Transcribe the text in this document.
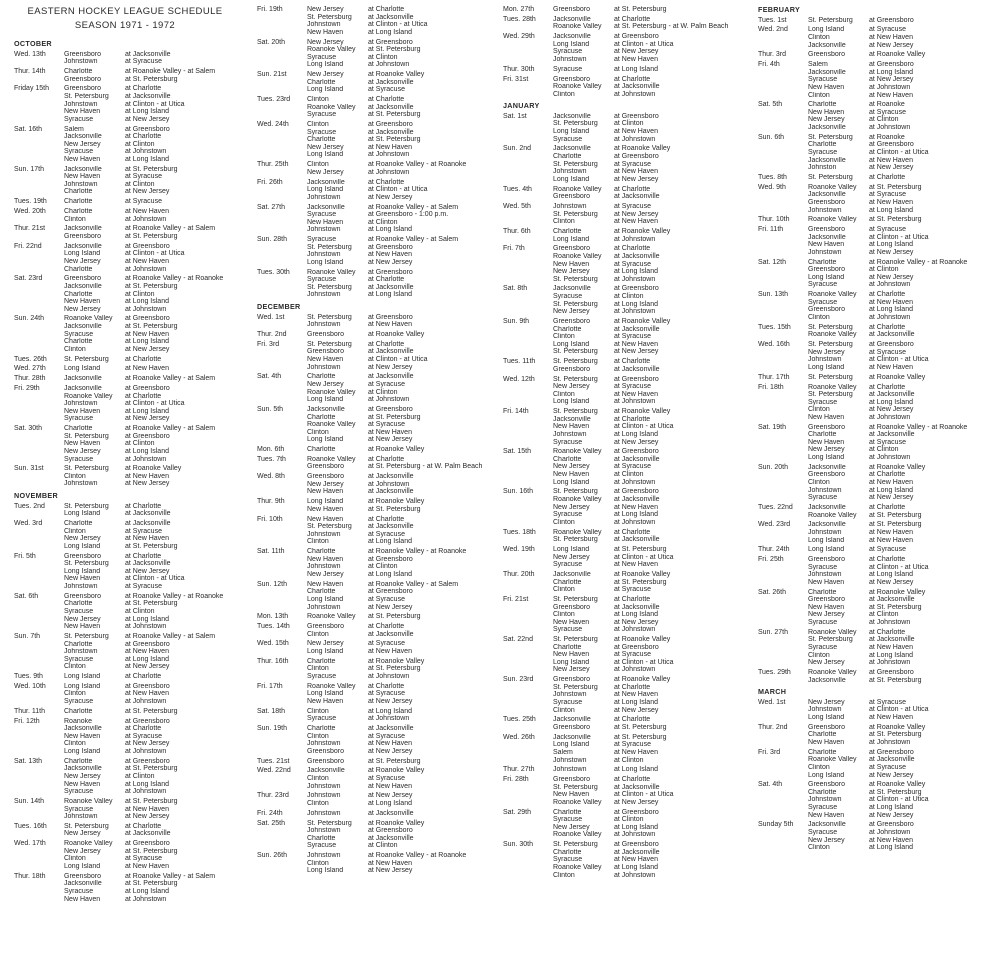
EASTERN HOCKEY LEAGUE SCHEDULE
SEASON 1971 - 1972
OCTOBER
Wed. 13th	Greensboro	at Jacksonville
Johnstown	at Syracuse
Thur. 14th	Charlotte	at Roanoke Valley - at Salem
Greensboro	at St. Petersburg
Friday 15th	Greensboro	at Charlotte
St. Petersburg	at Jacksonville
Johnstown	at Clinton - at Utica
New Haven	at Long Island
Syracuse	at New Jersey
Sat. 16th	Salem	at Greensboro
Jacksonville	at Charlotte
New Jersey	at Clinton
Syracuse	at Johnstown
New Haven	at Long Island
Sun. 17th	Jacksonville	at St. Petersburg
New Haven	at Syracuse
Johnstown	at Clinton
Charlotte	at New Jersey
Tues. 19th	Charlotte	at Syracuse
Wed. 20th	Charlotte	at New Haven
Clinton	at Johnstown
Thur. 21st	Jacksonville	at Roanoke Valley - at Salem
Greensboro	at St. Petersburg
Fri. 22nd	Jacksonville	at Greensboro
Long Island	at Clinton - at Utica
New Jersey	at New Haven
Charlotte	at Johnstown
Sat. 23rd	Greensboro	at Roanoke Valley - at Roanoke
Jacksonville	at St. Petersburg
Charlotte	at Clinton
New Haven	at Long Island
New Jersey	at Johnstown
Sun. 24th	Roanoke Valley	at Greensboro
Jacksonville	at St. Petersburg
Syracuse	at New Haven
Charlotte	at Long Island
Clinton	at New Jersey
Tues. 26th	St. Petersburg	at Charlotte
Wed. 27th	Long Island	at New Haven
Thur. 28th	Jacksonville	at Roanoke Valley - at Salem
Fri. 29th	Jacksonville	at Greensboro
Roanoke Valley	at Charlotte
Johnstown	at Clinton - at Utica
New Haven	at Long Island
Syracuse	at New Jersey
Sat. 30th	Charlotte	at Roanoke Valley - at Salem
St. Petersburg	at Greensboro
New Haven	at Clinton
New Jersey	at Long Island
Syracuse	at Johnstown
Sun. 31st	St. Petersburg	at Roanoke Valley
Clinton	at New Haven
Johnstown	at New Jersey
NOVEMBER
Tues. 2nd	St. Petersburg	at Charlotte
Long Island	at Jacksonville
Wed. 3rd	Charlotte	at Jacksonville
Clinton	at Syracuse
New Jersey	at New Haven
Long Island	at St. Petersburg
Fri. 5th	Greensboro	at Charlotte
St. Petersburg	at Jacksonville
Long Island	at New Jersey
New Haven	at Clinton - at Utica
Johnstown	at Syracuse
Sat. 6th	Greensboro	at Roanoke Valley - at Roanoke
Charlotte	at St. Petersburg
Syracuse	at Clinton
New Jersey	at Long Island
New Haven	at Johnstown
Sun. 7th	St. Petersburg	at Roanoke Valley - at Salem
Charlotte	at Greensboro
Johnstown	at New Haven
Syracuse	at Long Island
Clinton	at New Jersey
Tues. 9th	Long Island	at Charlotte
Wed. 10th	Long Island	at Greensboro
Clinton	at New Haven
Syracuse	at Johnstown
Thur. 11th	Charlotte	at St. Petersburg
Fri. 12th	Roanoke	at Greensboro
Jacksonville	at Charlotte
New Haven	at Syracuse
Clinton	at New Jersey
Long Island	at Johnstown
Sat. 13th	Charlotte	at Greensboro
Jacksonville	at St. Petersburg
New Jersey	at Clinton
New Haven	at Long Island
Syracuse	at Johnstown
Sun. 14th	Roanoke Valley	at St. Petersburg
Syracuse	at New Haven
Johnstown	at New Jersey
Tues. 16th	St. Petersburg	at Charlotte
New Jersey	at Jacksonville
Wed. 17th	Roanoke Valley	at Greensboro
New Jersey	at St. Petersburg
Clinton	at Syracuse
Long Island	at New Haven
Thur. 18th	Greensboro	at Roanoke Valley - at Salem
Jacksonville	at St. Petersburg
Syracuse	at Long Island
New Haven	at Johnstown
Fri. 19th	New Jersey	at Charlotte
St. Petersburg	at Jacksonville
Johnstown	at Clinton - at Utica
New Haven	at Long Island
Sat. 20th	New Jersey	at Greensboro
Roanoke Valley	at St. Petersburg
Syracuse	at Clinton
Long Island	at Johnstown
Sun. 21st	New Jersey	at Roanoke Valley
Charlotte	at Jacksonville
Long Island	at Syracuse
Tues. 23rd	Clinton	at Charlotte
Roanoke Valley	at Jacksonville
Syracuse	at St. Petersburg
Wed. 24th	Clinton	at Greensboro
Syracuse	at Jacksonville
Charlotte	at St. Petersburg
New Jersey	at New Haven
Long Island	at Johnstown
Thur. 25th	Clinton	at Roanoke Valley - at Roanoke
New Jersey	at Johnstown
Fri. 26th	Jacksonville	at Charlotte
Long Island	at Clinton - at Utica
Johnstown	at New Jersey
Sat. 27th	Jacksonville	at Roanoke Valley - at Salem
Syracuse	at Greensboro - 1:00 p.m.
New Haven	at Clinton
Johnstown	at Long Island
Sun. 28th	Syracuse	at Roanoke Valley - at Salem
St. Petersburg	at Greensboro
Johnstown	at New Haven
Long Island	at New Jersey
Tues. 30th	Roanoke Valley	at Greensboro
Syracuse	at Charlotte
St. Petersburg	at Jacksonville
Johnstown	at Long Island
DECEMBER
Wed. 1st	St. Petersburg	at Greensboro
Johnstown	at New Haven
Thur. 2nd	Greensboro	at Roanoke Valley
Fri. 3rd	St. Petersburg	at Charlotte
Greensboro	at Jacksonville
New Haven	at Clinton - at Utica
Johnstown	at New Jersey
Sat. 4th	Charlotte	at Jacksonville
New Jersey	at Syracuse
Roanoke Valley	at Clinton
Long Island	at Johnstown
Sun. 5th	Jacksonville	at Greensboro
Charlotte	at St. Petersburg
Roanoke Valley	at Syracuse
Clinton	at New Haven
Long Island	at New Jersey
Mon. 6th	Charlotte	at Roanoke Valley
Tues. 7th	Roanoke Valley	at Charlotte
Greensboro	at St. Petersburg - at W. Palm Beach
Wed. 8th	Greensboro	at Jacksonville
New Jersey	at Johnstown
New Haven	at Jacksonville
Thur. 9th	Long Island	at Roanoke Valley
New Haven	at St. Petersburg
Fri. 10th	New Haven	at Charlotte
St. Petersburg	at Jacksonville
Johnstown	at Syracuse
Clinton	at Long Island
Sat. 11th	Charlotte	at Roanoke Valley - at Roanoke
New Haven	at Greensboro
Johnstown	at Clinton
New Jersey	at Long Island
Sun. 12th	New Haven	at Roanoke Valley - at Salem
Charlotte	at Greensboro
Long Island	at Syracuse
Johnstown	at New Jersey
Mon. 13th	Roanoke Valley	at St. Petersburg
Tues. 14th	Greensboro	at Charlotte
Clinton	at Jacksonville
Wed. 15th	New Jersey	at Syracuse
Long Island	at New Haven
Thur. 16th	Charlotte	at Roanoke Valley
Clinton	at St. Petersburg
Syracuse	at Johnstown
Fri. 17th	Roanoke Valley	at Charlotte
Long Island	at Syracuse
New Haven	at New Jersey
Sat. 18th	Clinton	at Long Island
Syracuse	at Johnstown
Sun. 19th	Charlotte	at Jacksonville
Clinton	at Syracuse
Johnstown	at New Haven
Greensboro	at New Jersey
Tues. 21st	Greensboro	at St. Petersburg
Wed. 22nd	Jacksonville	at Roanoke Valley
Clinton	at Syracuse
Johnstown	at New Haven
Thur. 23rd	Johnstown	at New Jersey
Clinton	at Long Island
Fri. 24th	Johnstown	at Jacksonville
Sat. 25th	St. Petersburg	at Roanoke Valley
Johnstown	at Greensboro
Charlotte	at Jacksonville
Syracuse	at Clinton
Sun. 26th	Johnstown	at Roanoke Valley - at Roanoke
Clinton	at New Haven
Long Island	at New Jersey
Mon. 27th	Greensboro	at St. Petersburg
Tues. 28th	Jacksonville	at Charlotte
Roanoke Valley	at St. Petersburg - at W. Palm Beach
Wed. 29th	Jacksonville	at Greensboro
Long Island	at Clinton - at Utica
Syracuse	at New Jersey
Johnstown	at New Haven
Thur. 30th	Syracuse	at Long Island
Fri. 31st	Greensboro	at Charlotte
Roanoke Valley	at Jacksonville
Clinton	at Johnstown
JANUARY
Sat. 1st	Jacksonville	at Greensboro
St. Petersburg	at Clinton
Long Island	at New Haven
Syracuse	at Johnstown
Sun. 2nd	Jacksonville	at Roanoke Valley
Charlotte	at Greensboro
St. Petersburg	at Syracuse
Johnstown	at New Haven
Long Island	at New Jersey
Tues. 4th	Roanoke Valley	at Charlotte
Greensboro	at Jacksonville
Wed. 5th	Johnstown	at Syracuse
St. Petersburg	at New Jersey
Clinton	at New Haven
Thur. 6th	Charlotte	at Roanoke Valley
Long Island	at Johnstown
Fri. 7th	Greensboro	at Charlotte
Roanoke Valley	at Jacksonville
New Haven	at Syracuse
New Jersey	at Long Island
St. Petersburg	at Johnstown
Sat. 8th	Jacksonville	at Greensboro
Syracuse	at Clinton
St. Petersburg	at Long Island
New Jersey	at Johnstown
Sun. 9th	Greensboro	at Roanoke Valley
Charlotte	at Jacksonville
Clinton	at Syracuse
Long Island	at New Haven
St. Petersburg	at New Jersey
Tues. 11th	St. Petersburg	at Charlotte
Greensboro	at Jacksonville
Wed. 12th	St. Petersburg	at Greensboro
New Jersey	at Syracuse
Clinton	at New Haven
Long Island	at Johnstown
Fri. 14th	St. Petersburg	at Roanoke Valley
Jacksonville	at Charlotte
New Haven	at Clinton - at Utica
Johnstown	at Long Island
Syracuse	at New Jersey
Sat. 15th	Roanoke Valley	at Greensboro
Charlotte	at Jacksonville
New Jersey	at Syracuse
New Haven	at Clinton
Long Island	at Johnstown
Sun. 16th	St. Petersburg	at Greensboro
Roanoke Valley	at Jacksonville
New Jersey	at New Haven
Syracuse	at Long Island
Clinton	at Johnstown
Tues. 18th	Roanoke Valley	at Charlotte
St. Petersburg	at Jacksonville
Wed. 19th	Long Island	at St. Petersburg
New Jersey	at Clinton - at Utica
Syracuse	at New Haven
Thur. 20th	Jacksonville	at Roanoke Valley
Charlotte	at St. Petersburg
Clinton	at Syracuse
Fri. 21st	St. Petersburg	at Charlotte
Greensboro	at Jacksonville
Clinton	at Long Island
New Haven	at New Jersey
Syracuse	at Johnstown
Sat. 22nd	St. Petersburg	at Roanoke Valley
Charlotte	at Greensboro
New Haven	at Syracuse
Long Island	at Clinton - at Utica
New Jersey	at Johnstown
Sun. 23rd	Greensboro	at Roanoke Valley
St. Petersburg	at Charlotte
Johnstown	at New Haven
Syracuse	at Long Island
Clinton	at New Jersey
Tues. 25th	Jacksonville	at Charlotte
Greensboro	at St. Petersburg
Wed. 26th	Jacksonville	at St. Petersburg
Long Island	at Syracuse
Salem	at New Haven
Johnstown	at Clinton
Thur. 27th	Johnstown	at Long Island
Fri. 28th	Greensboro	at Charlotte
St. Petersburg	at Jacksonville
New Haven	at Clinton - at Utica
Roanoke Valley	at New Jersey
Sat. 29th	Charlotte	at Greensboro
Syracuse	at Clinton
New Jersey	at Long Island
Roanoke Valley	at Johnstown
Sun. 30th	St. Petersburg	at Greensboro
Charlotte	at Jacksonville
Syracuse	at New Haven
Roanoke Valley	at Long Island
Clinton	at Johnstown
FEBRUARY
Tues. 1st	St. Petersburg	at Greensboro
Wed. 2nd	Long Island	at Syracuse
Clinton	at New Haven
Jacksonville	at New Jersey
Thur. 3rd	Greensboro	at Roanoke Valley
Fri. 4th	Salem	at Greensboro
Jacksonville	at Long Island
Syracuse	at New Jersey
New Haven	at Johnstown
Clinton	at New Haven
Sat. 5th	Charlotte	at Roanoke
New Haven	at Syracuse
New Jersey	at Clinton
Jacksonville	at Johnstown
Sun. 6th	St. Petersburg	at Roanoke
Charlotte	at Greensboro
Syracuse	at Clinton - at Utica
Jacksonville	at New Haven
Johnston	at New Jersey
Tues. 8th	St. Petersburg	at Charlotte
Wed. 9th	Roanoke Valley	at St. Petersburg
Jacksonville	at Syracuse
Greensboro	at New Haven
Johnstown	at Long Island
Thur. 10th	Roanoke Valley	at St. Petersburg
Fri. 11th	Greensboro	at Syracuse
Jacksonville	at Clinton - at Utica
New Haven	at Long Island
Johnstown	at New Jersey
Sat. 12th	Charlotte	at Roanoke Valley - at Roanoke
Greensboro	at Clinton
Long Island	at New Jersey
Syracuse	at Johnstown
Sun. 13th	Roanoke Valley	at Charlotte
Syracuse	at New Haven
Greensboro	at Long Island
Clinton	at Johnstown
Tues. 15th	St. Petersburg	at Charlotte
Roanoke Valley	at Jacksonville
Wed. 16th	St. Petersburg	at Greensboro
New Jersey	at Syracuse
Johnstown	at Clinton - at Utica
Long Island	at New Haven
Thur. 17th	St. Petersburg	at Roanoke Valley
Fri. 18th	Roanoke Valley	at Charlotte
St. Petersburg	at Jacksonville
Syracuse	at Long Island
Clinton	at New Jersey
New Haven	at Johnstown
Sat. 19th	Greensboro	at Roanoke Valley - at Roanoke
Charlotte	at Jacksonville
New Haven	at Syracuse
New Jersey	at Clinton
Long Island	at Johnstown
Sun. 20th	Jacksonville	at Roanoke Valley
Greensboro	at Charlotte
Clinton	at New Haven
Johnstown	at Long Island
Syracuse	at New Jersey
Tues. 22nd	Jacksonville	at Charlotte
Roanoke Valley	at St. Petersburg
Wed. 23rd	Jacksonville	at St. Petersburg
Johnstown	at New Haven
Long Island	at New Haven
Thur. 24th	Long Island	at Syracuse
Fri. 25th	Greensboro	at Charlotte
Syracuse	at Clinton - at Utica
Johnstown	at Long Island
New Haven	at New Jersey
Sat. 26th	Charlotte	at Roanoke Valley
Greensboro	at Jacksonville
New Haven	at St. Petersburg
New Jersey	at Clinton
Syracuse	at Johnstown
Sun. 27th	Roanoke Valley	at Charlotte
St. Petersburg	at Jacksonville
Syracuse	at New Haven
Clinton	at Long Island
New Jersey	at Johnstown
Tues. 29th	Roanoke Valley	at Greensboro
Jacksonville	at St. Petersburg
MARCH
Wed. 1st	New Jersey	at Syracuse
Johnstown	at Clinton - at Utica
Long Island	at New Haven
Thur. 2nd	Greensboro	at Roanoke Valley
Charlotte	at St. Petersburg
New Haven	at Johnstown
Fri. 3rd	Charlotte	at Greensboro
Roanoke Valley	at Jacksonville
Clinton	at Syracuse
Long Island	at New Jersey
Sat. 4th	Greensboro	at Roanoke Valley
Charlotte	at St. Petersburg
Johnstown	at Clinton - at Utica
Syracuse	at Long Island
New Haven	at New Jersey
Sunday 5th	Jacksonville	at Greensboro
Syracuse	at Johnstown
New Jersey	at New Haven
Clinton	at Long Island
